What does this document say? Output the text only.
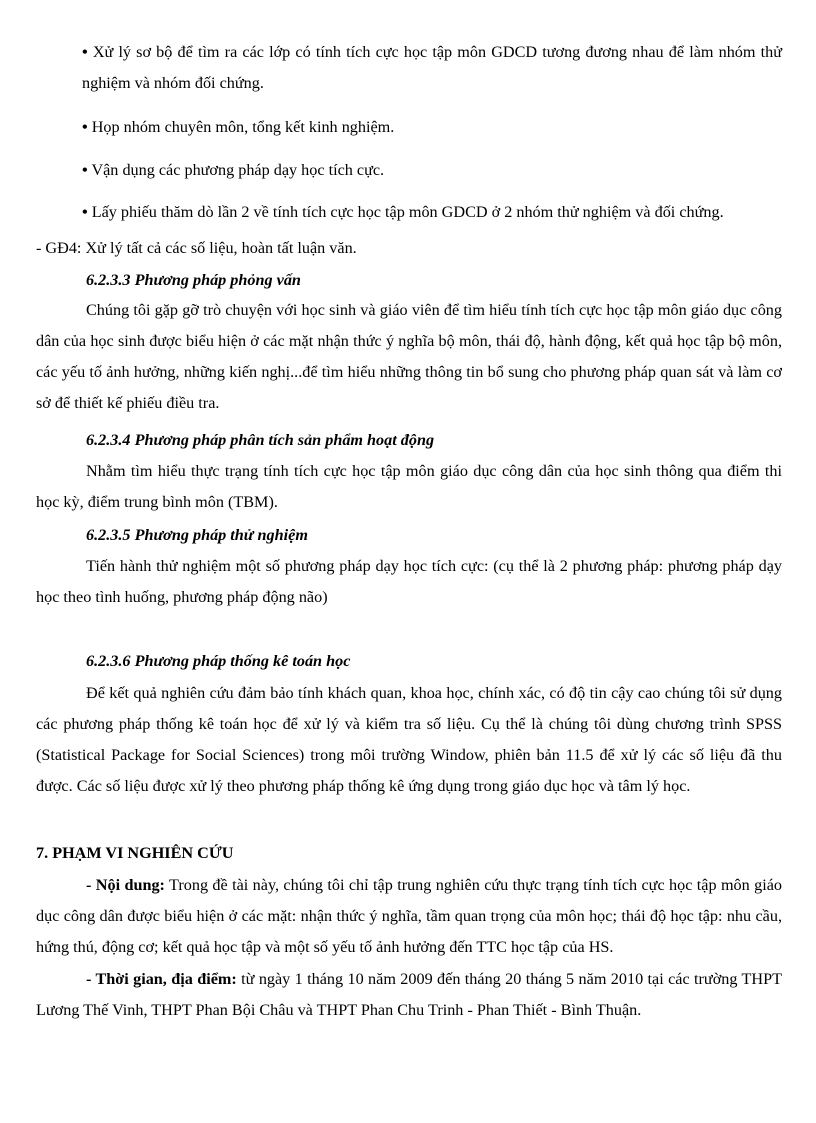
• Xử lý sơ bộ để tìm ra các lớp có tính tích cực học tập môn GDCD tương đương nhau để làm nhóm thử nghiệm và nhóm đối chứng.

• Họp nhóm chuyên môn, tổng kết kinh nghiệm.

• Vận dụng các phương pháp dạy học tích cực.

• Lấy phiếu thăm dò lần 2 về tính tích cực học tập môn GDCD ở 2 nhóm thử nghiệm và đối chứng.

- GĐ4: Xử lý tất cả các số liệu, hoàn tất luận văn.

6.2.3.3 Phương pháp phỏng vấn

Chúng tôi gặp gỡ trò chuyện với học sinh và giáo viên để tìm hiểu tính tích cực học tập môn giáo dục công dân của học sinh được biểu hiện ở các mặt nhận thức ý nghĩa bộ môn, thái độ, hành động, kết quả học tập bộ môn, các yếu tố ảnh hưởng, những kiến nghị...để tìm hiểu những thông tin bổ sung cho phương pháp quan sát và làm cơ sở để thiết kế phiếu điều tra.

6.2.3.4 Phương pháp phân tích sản phẩm hoạt động

Nhằm tìm hiểu thực trạng tính tích cực học tập môn giáo dục công dân của học sinh thông qua điểm thi học kỳ, điểm trung bình môn (TBM).

6.2.3.5 Phương pháp thử nghiệm

Tiến hành thử nghiệm một số phương pháp dạy học tích cực: (cụ thể là 2 phương pháp: phương pháp dạy học theo tình huống, phương pháp động não)

6.2.3.6 Phương pháp thống kê toán học

Để kết quả nghiên cứu đảm bảo tính khách quan, khoa học, chính xác, có độ tin cậy cao chúng tôi sử dụng các phương pháp thống kê toán học để xử lý và kiểm tra số liệu. Cụ thể là chúng tôi dùng chương trình SPSS (Statistical Package for Social Sciences) trong môi trường Window, phiên bản 11.5 để xử lý các số liệu đã thu được. Các số liệu được xử lý theo phương pháp thống kê ứng dụng trong giáo dục học và tâm lý học.

7. PHẠM VI NGHIÊN CỨU

- Nội dung: Trong đề tài này, chúng tôi chỉ tập trung nghiên cứu thực trạng tính tích cực học tập môn giáo dục công dân được biểu hiện ở các mặt: nhận thức ý nghĩa, tầm quan trọng của môn học; thái độ học tập: nhu cầu, hứng thú, động cơ; kết quả học tập và một số yếu tố ảnh hưởng đến TTC học tập của HS.

- Thời gian, địa điểm: từ ngày 1 tháng 10 năm 2009 đến tháng 20 tháng 5 năm 2010 tại các trường THPT Lương Thế Vinh, THPT Phan Bội Châu và THPT Phan Chu Trinh - Phan Thiết - Bình Thuận.
